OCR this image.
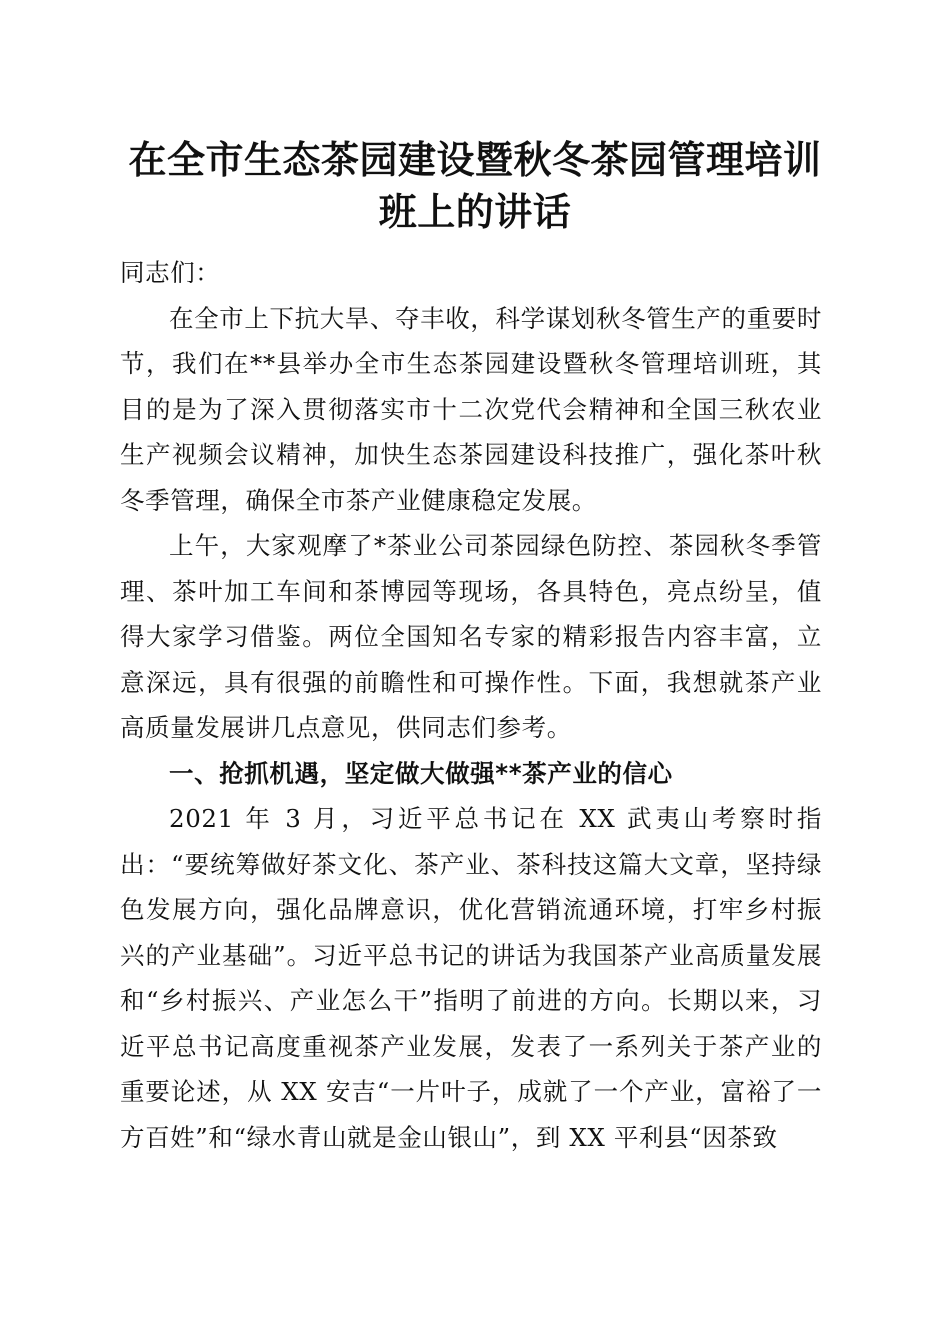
在全市生态茶园建设暨秋冬茶园管理培训班上的讲话

同志们：

在全市上下抗大旱、夺丰收，科学谋划秋冬管生产的重要时节，我们在**县举办全市生态茶园建设暨秋冬管理培训班，其目的是为了深入贯彻落实市十二次党代会精神和全国三秋农业生产视频会议精神，加快生态茶园建设科技推广，强化茶叶秋冬季管理，确保全市茶产业健康稳定发展。

上午，大家观摩了*茶业公司茶园绿色防控、茶园秋冬季管理、茶叶加工车间和茶博园等现场，各具特色，亮点纷呈，值得大家学习借鉴。两位全国知名专家的精彩报告内容丰富，立意深远，具有很强的前瞻性和可操作性。下面，我想就茶产业高质量发展讲几点意见，供同志们参考。

一、抢抓机遇，坚定做大做强**茶产业的信心

2021 年 3 月，习近平总书记在 XX 武夷山考察时指出：“要统筹做好茶文化、茶产业、茶科技这篇大文章，坚持绿色发展方向，强化品牌意识，优化营销流通环境，打牢乡村振兴的产业基础”。习近平总书记的讲话为我国茶产业高质量发展和“乡村振兴、产业怎么干”指明了前进的方向。长期以来，习近平总书记高度重视茶产业发展，发表了一系列关于茶产业的重要论述，从 XX 安吉“一片叶子，成就了一个产业，富裕了一方百姓”和“绿水青山就是金山银山”，到 XX 平利县“因茶致
